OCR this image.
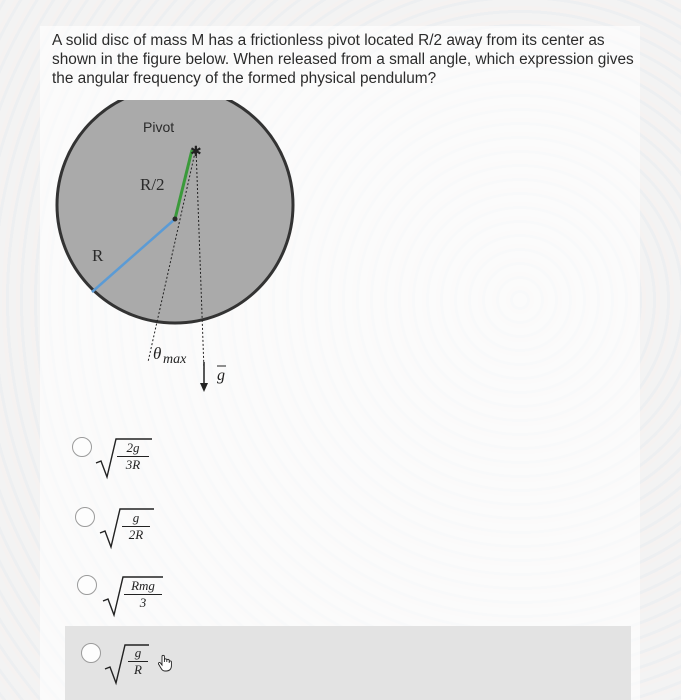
A solid disc of mass M has a frictionless pivot located R/2 away from its center as shown in the figure below. When released from a small angle, which expression gives the angular frequency of the formed physical pendulum?

✱
Pivot
R/2
R
θ max
g
2g
3R
g
2R
Rmg
3
g
R
